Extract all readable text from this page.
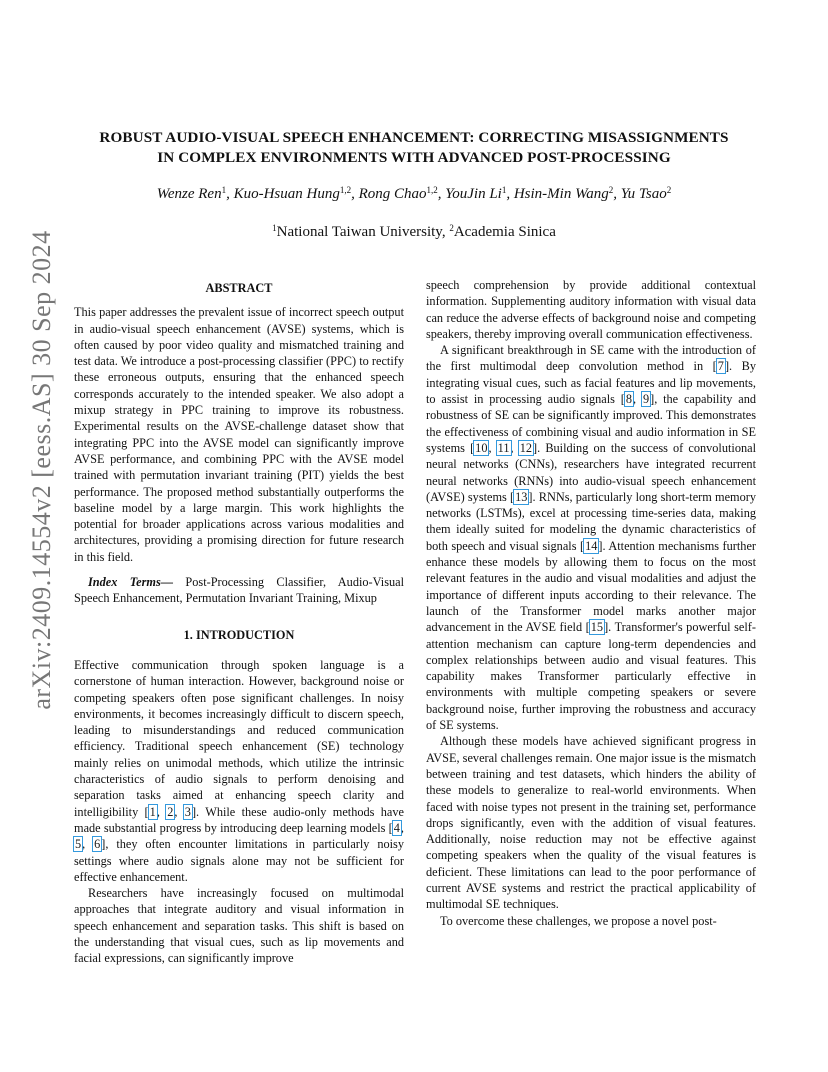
arXiv:2409.14554v2 [eess.AS] 30 Sep 2024
ROBUST AUDIO-VISUAL SPEECH ENHANCEMENT: CORRECTING MISASSIGNMENTS
IN COMPLEX ENVIRONMENTS WITH ADVANCED POST-PROCESSING
Wenze Ren$^1$, Kuo-Hsuan Hung$^{1,2}$, Rong Chao$^{1,2}$, YouJin Li$^1$, Hsin-Min Wang$^2$, Yu Tsao$^2$
$^1$National Taiwan University, $^2$Academia Sinica

ABSTRACT

This paper addresses the prevalent issue of incorrect speech output in audio-visual speech enhancement (AVSE) systems, which is often caused by poor video quality and mismatched training and test data. We introduce a post-processing classifier (PPC) to rectify these erroneous outputs, ensuring that the enhanced speech corresponds accurately to the intended speaker. We also adopt a mixup strategy in PPC training to improve its robustness. Experimental results on the AVSE-challenge dataset show that integrating PPC into the AVSE model can significantly improve AVSE performance, and combining PPC with the AVSE model trained with permutation invariant training (PIT) yields the best performance. The proposed method substantially outperforms the baseline model by a large margin. This work highlights the potential for broader applications across various modalities and architectures, providing a promising direction for future research in this field.

Index Terms— Post-Processing Classifier, Audio-Visual Speech Enhancement, Permutation Invariant Training, Mixup

1. INTRODUCTION

Effective communication through spoken language is a cornerstone of human interaction. However, background noise or competing speakers often pose significant challenges. In noisy environments, it becomes increasingly difficult to discern speech, leading to misunderstandings and reduced communication efficiency. Traditional speech enhancement (SE) technology mainly relies on unimodal methods, which utilize the intrinsic characteristics of audio signals to perform denoising and separation tasks aimed at enhancing speech clarity and intelligibility [1, 2, 3]. While these audio-only methods have made substantial progress by introducing deep learning models [4, 5, 6], they often encounter limitations in particularly noisy settings where audio signals alone may not be sufficient for effective enhancement.

Researchers have increasingly focused on multimodal approaches that integrate auditory and visual information in speech enhancement and separation tasks. This shift is based on the understanding that visual cues, such as lip movements and facial expressions, can significantly improve

speech comprehension by provide additional contextual information. Supplementing auditory information with visual data can reduce the adverse effects of background noise and competing speakers, thereby improving overall communication effectiveness.

A significant breakthrough in SE came with the introduction of the first multimodal deep convolution method in [7]. By integrating visual cues, such as facial features and lip movements, to assist in processing audio signals [8, 9], the capability and robustness of SE can be significantly improved. This demonstrates the effectiveness of combining visual and audio information in SE systems [10, 11, 12]. Building on the success of convolutional neural networks (CNNs), researchers have integrated recurrent neural networks (RNNs) into audio-visual speech enhancement (AVSE) systems [13]. RNNs, particularly long short-term memory networks (LSTMs), excel at processing time-series data, making them ideally suited for modeling the dynamic characteristics of both speech and visual signals [14]. Attention mechanisms further enhance these models by allowing them to focus on the most relevant features in the audio and visual modalities and adjust the importance of different inputs according to their relevance. The launch of the Transformer model marks another major advancement in the AVSE field [15]. Transformer's powerful self-attention mechanism can capture long-term dependencies and complex relationships between audio and visual features. This capability makes Transformer particularly effective in environments with multiple competing speakers or severe background noise, further improving the robustness and accuracy of SE systems.

Although these models have achieved significant progress in AVSE, several challenges remain. One major issue is the mismatch between training and test datasets, which hinders the ability of these models to generalize to real-world environments. When faced with noise types not present in the training set, performance drops significantly, even with the addition of visual features. Additionally, noise reduction may not be effective against competing speakers when the quality of the visual features is deficient. These limitations can lead to the poor performance of current AVSE systems and restrict the practical applicability of multimodal SE techniques.

To overcome these challenges, we propose a novel post-
